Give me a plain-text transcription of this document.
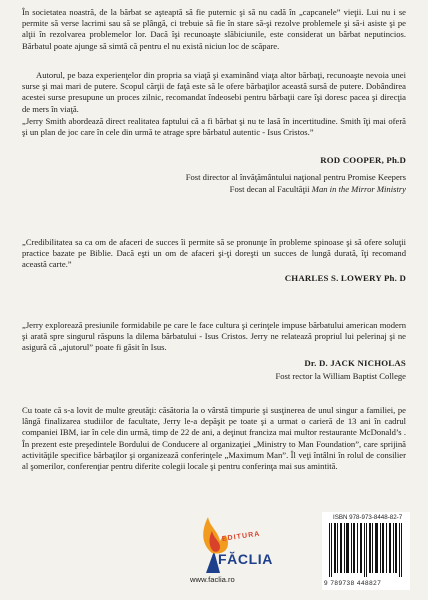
În societatea noastră, de la bărbat se aşteaptă să fie puternic şi să nu cadă în „capcanele” vieţii. Lui nu i se permite să verse lacrimi sau să se plângă, ci trebuie să fie în stare să-şi rezolve problemele şi să-i asiste şi pe alţii în rezolvarea problemelor lor. Dacă îşi recunoaşte slăbiciunile, este considerat un bărbat neputincios. Bărbatul poate ajunge să simtă că pentru el nu există niciun loc de scăpare.
Autorul, pe baza experienţelor din propria sa viaţă şi examinând viaţa altor bărbaţi, recunoaşte nevoia unei surse şi mai mari de putere. Scopul cărţii de faţă este să le ofere bărbaţilor această sursă de putere. Dobândirea acestei surse presupune un proces zilnic, recomandat îndeosebi pentru bărbaţii care îşi doresc pacea şi direcţia de mers în viaţă.
„Jerry Smith abordează direct realitatea faptului că a fi bărbat şi nu te lasă în incertitudine. Smith îţi mai oferă şi un plan de joc care în cele din urmă te atrage spre bărbatul autentic - Isus Cristos.”
ROD COOPER, Ph.D
Fost director al învăţământului naţional pentru Promise Keepers
Fost decan al Facultăţii Man in the Mirror Ministry
„Credibilitatea sa ca om de afaceri de succes îi permite să se pronunţe în probleme spinoase şi să ofere soluţii practice bazate pe Biblie. Dacă eşti un om de afaceri şi-ţi doreşti un succes de lungă durată, îţi recomand această carte.”
CHARLES S. LOWERY Ph. D
„Jerry explorează presiunile formidabile pe care le face cultura şi cerinţele impuse bărbatului american modern şi arată spre singurul răspuns la dilema bărbatului - Isus Cristos. Jerry ne relatează propriul lui pelerinaj şi ne asigură că „ajutorul” poate fi găsit în Isus.
Dr. D. JACK NICHOLAS
Fost rector la William Baptist College
Cu toate că s-a lovit de multe greutăţi: căsătoria la o vârstă timpurie şi susţinerea de unul singur a familiei, pe lângă finalizarea studiilor de facultate, Jerry le-a depăşit pe toate şi a urmat o carieră de 13 ani în cadrul companiei IBM, iar în cele din urmă, timp de 22 de ani, a deţinut franciza mai multor restaurante McDonald’s . În prezent este preşedintele Bordului de Conducere al organizaţiei „Ministry to Man Foundation”, care sprijină activităţile specifice bărbaţilor şi organizează conferinţele „Maximum Man”. Îl veţi întâlni în rolul de consilier al şomerilor, conferenţiar pentru diferite colegii locale şi pentru conferinţa mai sus amintită.
EDITURA
FĂCLIA
www.faclia.ro
ISBN 978-973-8448-82-7
9 789738 448827
